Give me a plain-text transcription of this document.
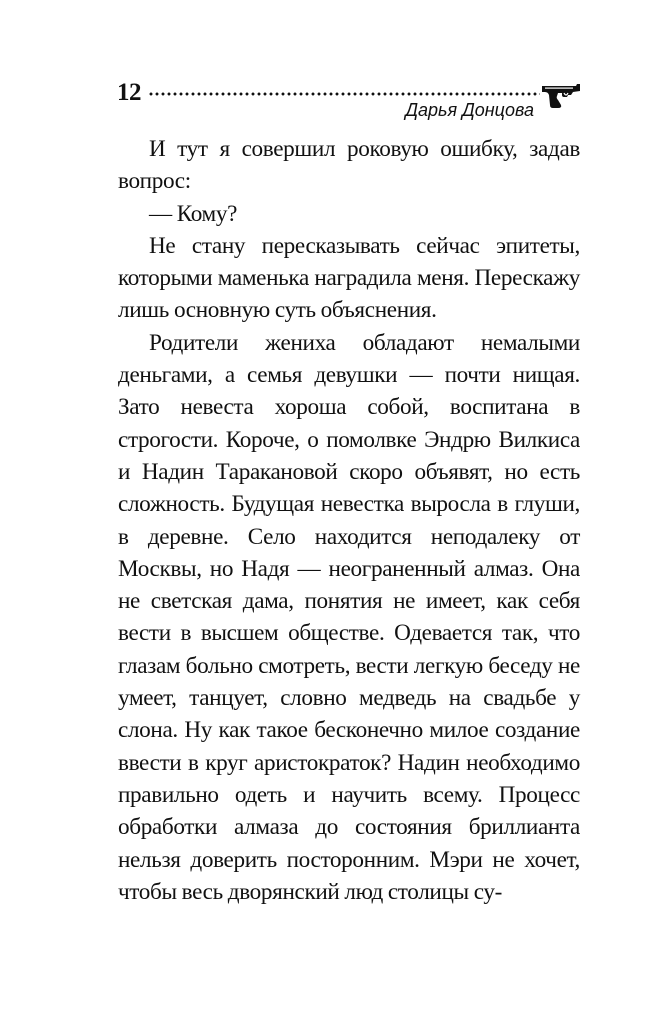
12
Дарья Донцова

И тут я совершил роковую ошибку, задав вопрос:

— Кому?

Не стану пересказывать сейчас эпитеты, которыми маменька наградила меня. Перескажу лишь основную суть объяснения.

Родители жениха обладают немалыми деньгами, а семья девушки — почти нищая. Зато невеста хороша собой, воспитана в строгости. Короче, о помолвке Эндрю Вилкиса и Надин Таракановой скоро объявят, но есть сложность. Будущая невестка выросла в глуши, в деревне. Село находится неподалеку от Москвы, но Надя — неограненный алмаз. Она не светская дама, понятия не имеет, как себя вести в высшем обществе. Одевается так, что глазам больно смотреть, вести легкую беседу не умеет, танцует, словно медведь на свадьбе у слона. Ну как такое бесконечно милое создание ввести в круг аристократок? Надин необходимо правильно одеть и научить всему. Процесс обработки алмаза до состояния бриллианта нельзя доверить посторонним. Мэри не хочет, чтобы весь дворянский люд столицы су-
